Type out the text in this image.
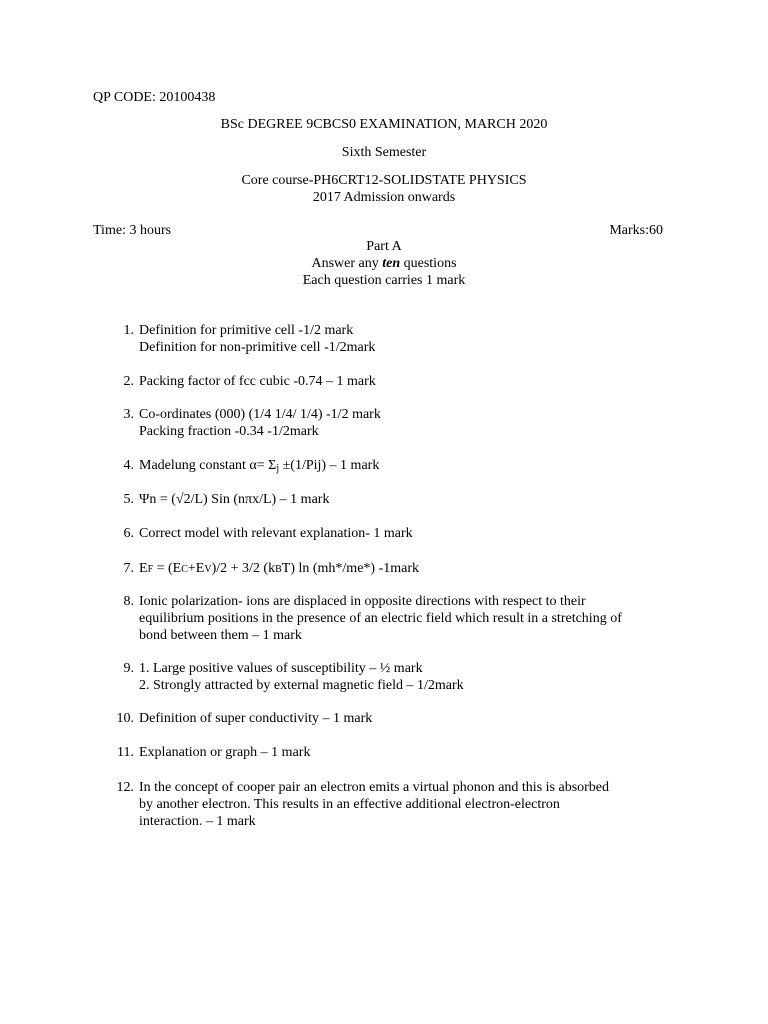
QP CODE: 20100438
BSc DEGREE 9CBCS0 EXAMINATION, MARCH 2020
Sixth Semester
Core course-PH6CRT12-SOLIDSTATE PHYSICS
2017 Admission onwards
Time: 3 hours	Marks:60
Part A
Answer any ten questions
Each question carries 1 mark
1. Definition for primitive cell -1/2 mark
Definition for non-primitive cell -1/2mark
2. Packing factor of fcc cubic -0.74 – 1 mark
3. Co-ordinates (000) (1/4 1/4/ 1/4) -1/2 mark
Packing fraction -0.34 -1/2mark
4. Madelung constant $\alpha= \Sigma_j \pm(1/Pij) - 1$ mark
5. Ψn = (√2/L) Sin (nπx/L) – 1 mark
6. Correct model with relevant explanation- 1 mark
7. EF = (EC+EV)/2 + 3/2 (kBT) ln (mh*/me*) -1mark
8. Ionic polarization- ions are displaced in opposite directions with respect to their
equilibrium positions in the presence of an electric field which result in a stretching of
bond between them – 1 mark
9. 1. Large positive values of susceptibility – ½ mark
2. Strongly attracted by external magnetic field – 1/2mark
10. Definition of super conductivity – 1 mark
11. Explanation or graph – 1 mark
12. In the concept of cooper pair an electron emits a virtual phonon and this is absorbed
by another electron. This results in an effective additional electron-electron
interaction. – 1 mark
